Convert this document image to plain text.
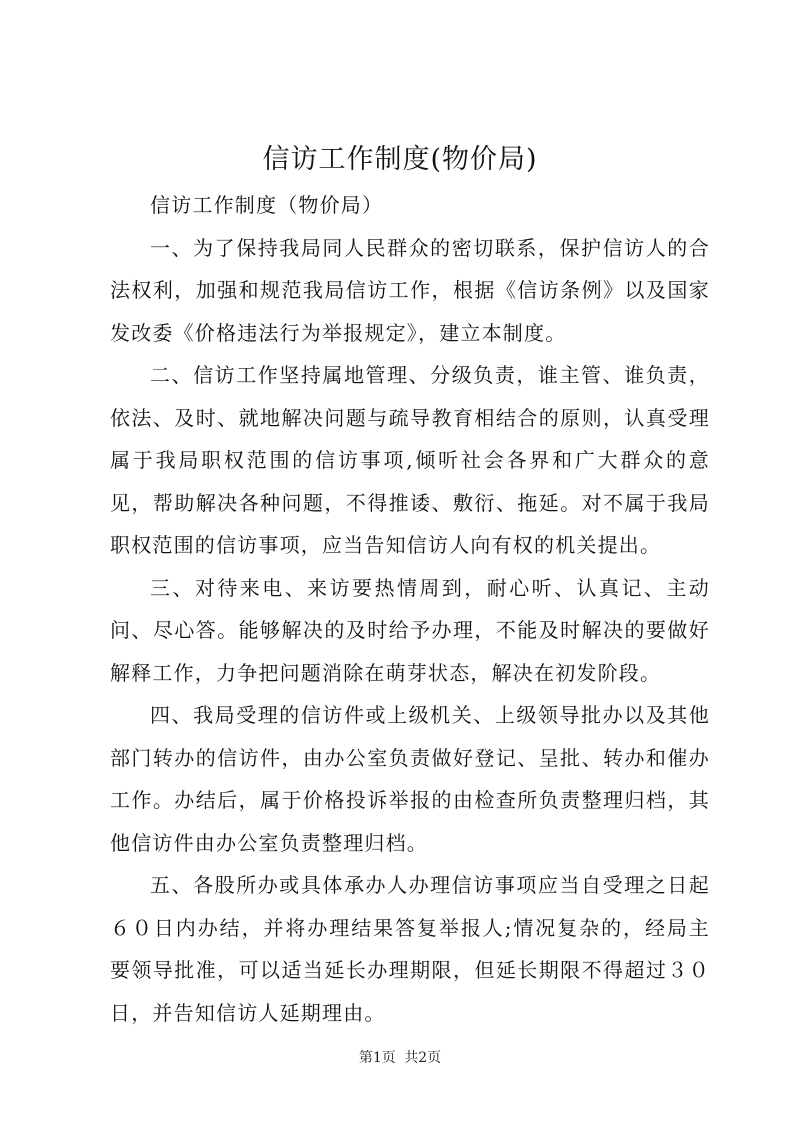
信访工作制度(物价局)

信访工作制度（物价局）

一、为了保持我局同人民群众的密切联系，保护信访人的合法权利，加强和规范我局信访工作，根据《信访条例》以及国家发改委《价格违法行为举报规定》，建立本制度。

二、信访工作坚持属地管理、分级负责，谁主管、谁负责，依法、及时、就地解决问题与疏导教育相结合的原则，认真受理属于我局职权范围的信访事项,倾听社会各界和广大群众的意见，帮助解决各种问题，不得推诿、敷衍、拖延。对不属于我局职权范围的信访事项，应当告知信访人向有权的机关提出。

三、对待来电、来访要热情周到，耐心听、认真记、主动问、尽心答。能够解决的及时给予办理，不能及时解决的要做好解释工作，力争把问题消除在萌芽状态，解决在初发阶段。

四、我局受理的信访件或上级机关、上级领导批办以及其他部门转办的信访件，由办公室负责做好登记、呈批、转办和催办工作。办结后，属于价格投诉举报的由检查所负责整理归档，其他信访件由办公室负责整理归档。

五、各股所办或具体承办人办理信访事项应当自受理之日起６０日内办结，并将办理结果答复举报人;情况复杂的，经局主要领导批准，可以适当延长办理期限，但延长期限不得超过３０日，并告知信访人延期理由。

第1页 共2页
